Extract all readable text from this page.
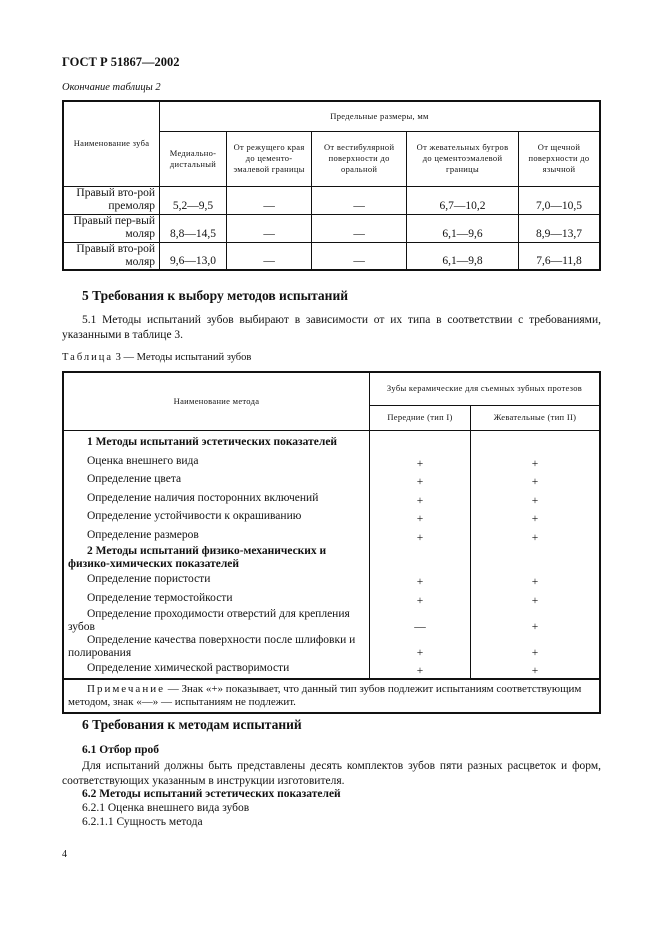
ГОСТ Р 51867—2002
Окончание таблицы 2
Наименование зуба	Предельные размеры, мм				
	Медиально-дистальный	От режущего края до цементо-эмалевой границы	От вестибулярной поверхности до оральной	От жевательных бугров до цементоэмалевой границы	От щечной поверхности до язычной
Правый вто-рой премоляр	5,2—9,5	—	—	6,7—10,2	7,0—10,5
Правый пер-вый моляр	8,8—14,5	—	—	6,1—9,6	8,9—13,7
Правый вто-рой моляр	9,6—13,0	—	—	6,1—9,8	7,6—11,8
5 Требования к выбору методов испытаний

5.1 Методы испытаний зубов выбирают в зависимости от их типа в соответствии с требованиями, указанными в таблице 3.

Таблица 3 — Методы испытаний зубов
Наименование метода	Зубы керамические для съемных зубных протезов	
	Передние (тип I)	Жевательные (тип II)
1 Методы испытаний эстетических показателей		
Оценка внешнего вида	+	+
Определение цвета	+	+
Определение наличия посторонних включений	+	+
Определение устойчивости к окрашиванию	+	+
Определение размеров	+	+
2 Методы испытаний физико-механических и физико-химических показателей		
Определение пористости	+	+
Определение термостойкости	+	+
Определение проходимости отверстий для крепления зубов	—	+
Определение качества поверхности после шлифовки и полирования	+	+
Определение химической растворимости	+	+
Примечание — Знак «+» показывает, что данный тип зубов подлежит испытаниям соответствующим методом, знак «—» — испытаниям не подлежит.		
6 Требования к методам испытаний
6.1 Отбор проб

Для испытаний должны быть представлены десять комплектов зубов пяти разных расцветок и форм, соответствующих указанным в инструкции изготовителя.

6.2 Методы испытаний эстетических показателей
6.2.1 Оценка внешнего вида зубов
6.2.1.1 Сущность метода
4
